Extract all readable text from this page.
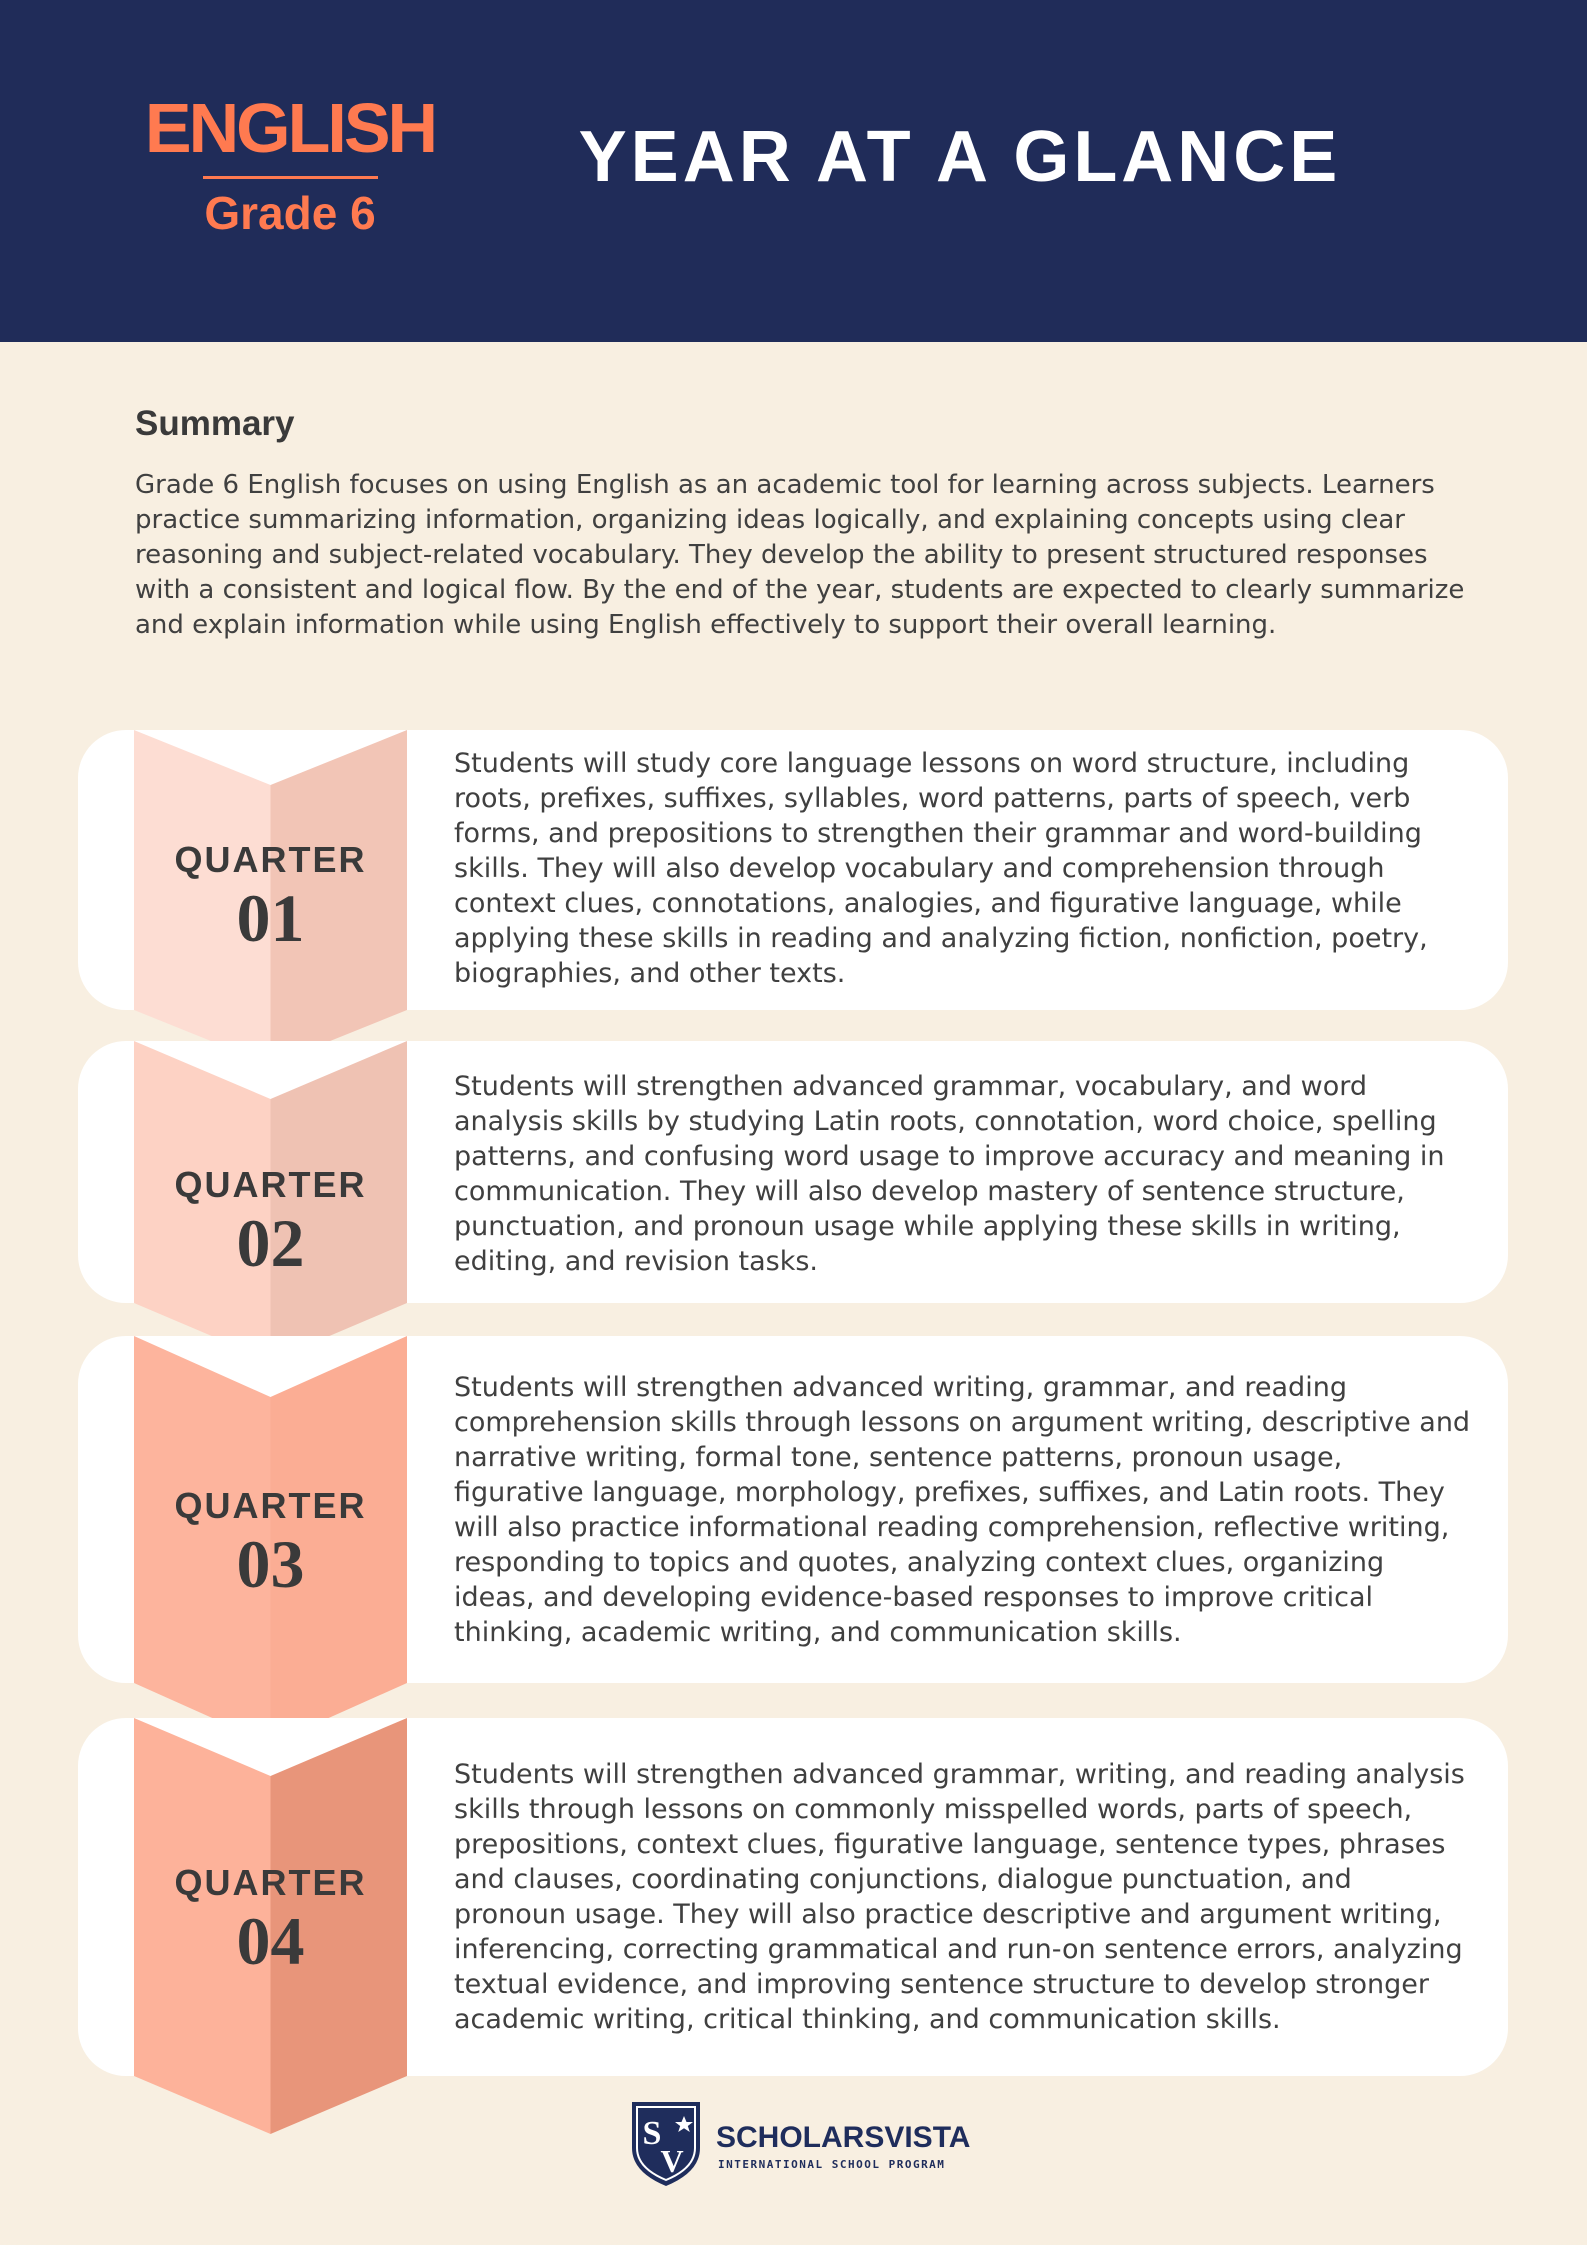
ENGLISH
Grade 6
YEAR AT A GLANCE
Summary
Grade 6 English focuses on using English as an academic tool for learning across subjects. Learners practice summarizing information, organizing ideas logically, and explaining concepts using clear reasoning and subject-related vocabulary. They develop the ability to present structured responses with a consistent and logical flow. By the end of the year, students are expected to clearly summarize and explain information while using English effectively to support their overall learning.
QUARTER
01
Students will study core language lessons on word structure, including roots, prefixes, suffixes, syllables, word patterns, parts of speech, verb forms, and prepositions to strengthen their grammar and word-building skills. They will also develop vocabulary and comprehension through context clues, connotations, analogies, and figurative language, while applying these skills in reading and analyzing fiction, nonfiction, poetry, biographies, and other texts.
QUARTER
02
Students will strengthen advanced grammar, vocabulary, and word analysis skills by studying Latin roots, connotation, word choice, spelling patterns, and confusing word usage to improve accuracy and meaning in communication. They will also develop mastery of sentence structure, punctuation, and pronoun usage while applying these skills in writing, editing, and revision tasks.
QUARTER
03
Students will strengthen advanced writing, grammar, and reading comprehension skills through lessons on argument writing, descriptive and narrative writing, formal tone, sentence patterns, pronoun usage, figurative language, morphology, prefixes, suffixes, and Latin roots. They will also practice informational reading comprehension, reflective writing, responding to topics and quotes, analyzing context clues, organizing ideas, and developing evidence-based responses to improve critical thinking, academic writing, and communication skills.
QUARTER
04
Students will strengthen advanced grammar, writing, and reading analysis skills through lessons on commonly misspelled words, parts of speech, prepositions, context clues, figurative language, sentence types, phrases and clauses, coordinating conjunctions, dialogue punctuation, and pronoun usage. They will also practice descriptive and argument writing, inferencing, correcting grammatical and run-on sentence errors, analyzing textual evidence, and improving sentence structure to develop stronger academic writing, critical thinking, and communication skills.
S
V
SCHOLARSVISTA
INTERNATIONAL SCHOOL PROGRAM
